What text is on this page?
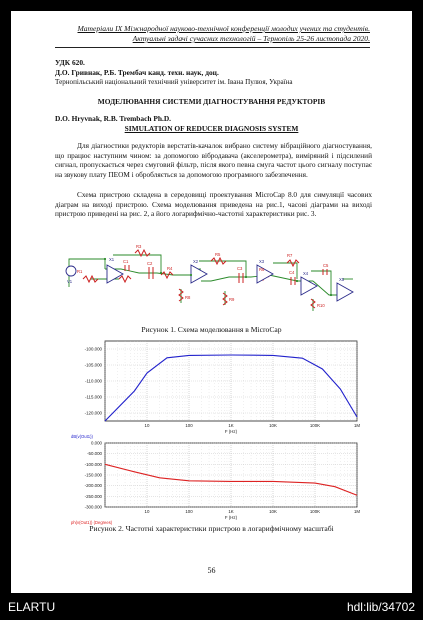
Матеріали IX Міжнародної науково-технічної конференції молодих учених та студентів.
Актуальні задачі сучасних технологій – Тернопіль 25-26 листопада 2020.
УДК 620.
Д.О. Гривнак, Р.Б. Трембач канд. техн. наук, доц.
Тернопільський національний технічний університет ім. Івана Пулюя, Україна
МОДЕЛЮВАННЯ СИСТЕМИ ДІАГНОСТУВАННЯ РЕДУКТОРІВ
D.O. Hryvnak, R.B. Trembach Ph.D.
SIMULATION OF REDUCER DIAGNOSIS SYSTEM
Для діагностики редукторів верстатів-качалок вибрано систему вібраційного діагностування, що працює наступним чином: за допомогою вібродавача (акселерометра), виміряний і підсилений сигнал, пропускається через смуговий фільтр, після якого певна смуга частот цього сигналу поступає на звукову плату ПЕОМ і обробляється за допомогою програмного забезпечення.
Схема пристрою складена в середовищі проектування MicroCap 8.0 для симуляції часових діаграм на виході пристрою. Схема моделювання приведена на рис.1, часові діаграми на виході пристрою приведені на рис. 2, а його логарифмічно-частотні характеристики рис. 3.
R1
R3
R4
R5
R6
R7
R8	R9
R10
C1	C2
C3
C4
C5
V1
X1	X2	X3
X4
X5
Рисунок 1. Схема моделювання в MicroCap
-100.000
-105.000
-110.000
-115.000
-120.000
10	100	1K	10K	100K	1M
F (Hz)
dB(v(Out1))
0.000
-50.000
-100.000
-150.000
-200.000
-250.000
-300.000
10	100	1K	10K	100K	1M
F (Hz)
ph(v(Out1)) (Degrees)
Рисунок 2. Частотні характеристики пристрою в логарифмічному масштабі
56
ELARTU	hdl:lib/34702
